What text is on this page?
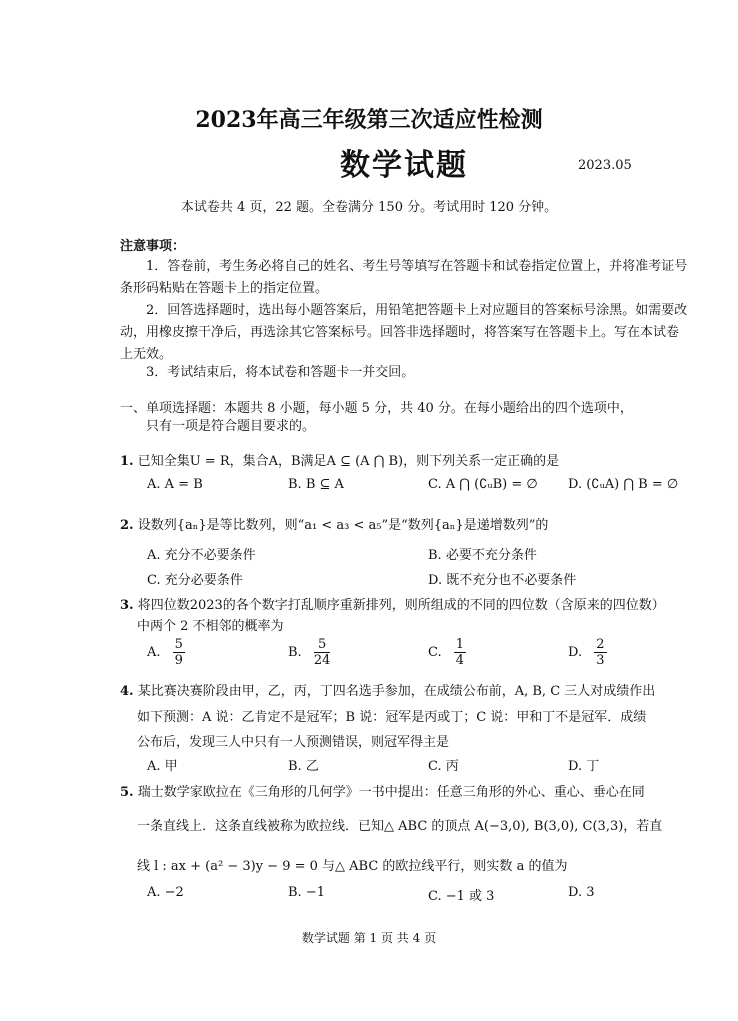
2023年高三年级第三次适应性检测
数学试题	2023.05
本试卷共 4 页，22 题。全卷满分 150 分。考试用时 120 分钟。
注意事项：
1．答卷前，考生务必将自己的姓名、考生号等填写在答题卡和试卷指定位置上，并将准考证号条形码粘贴在答题卡上的指定位置。
2．回答选择题时，选出每小题答案后，用铅笔把答题卡上对应题目的答案标号涂黑。如需要改动，用橡皮擦干净后，再选涂其它答案标号。回答非选择题时，将答案写在答题卡上。写在本试卷上无效。
3．考试结束后，将本试卷和答题卡一并交回。
一、单项选择题：本题共 8 小题，每小题 5 分，共 40 分。在每小题给出的四个选项中，
只有一项是符合题目要求的。
1. 已知全集U = R，集合A，B满足A ⊆ (A ⋂ B)，则下列关系一定正确的是
A. A = B	B. B ⊆ A	C. A ⋂ (∁ᵤB) = ∅ D. (∁ᵤA) ⋂ B = ∅
2. 设数列{aₙ}是等比数列，则“a₁ < a₃ < a₅”是“数列{aₙ}是递增数列”的
A. 充分不必要条件	B. 必要不充分条件
C. 充分必要条件	D. 既不充分也不必要条件
3. 将四位数2023的各个数字打乱顺序重新排列，则所组成的不同的四位数（含原来的四位数）
中两个 2 不相邻的概率为
A. $\frac{5}{9}$	B. $\frac{5}{24}$	C. $\frac{1}{4}$	D. $\frac{2}{3}$
4. 某比赛决赛阶段由甲，乙，丙，丁四名选手参加，在成绩公布前，A, B, C 三人对成绩作出
如下预测：A 说：乙肯定不是冠军；B 说：冠军是丙或丁；C 说：甲和丁不是冠军．成绩
公布后，发现三人中只有一人预测错误，则冠军得主是
A. 甲	B. 乙	C. 丙	D. 丁
5. 瑞士数学家欧拉在《三角形的几何学》一书中提出：任意三角形的外心、重心、垂心在同
一条直线上．这条直线被称为欧拉线．已知△ ABC 的顶点 A(−3,0), B(3,0), C(3,3)，若直
线 l : ax + (a² − 3)y − 9 = 0 与△ ABC 的欧拉线平行，则实数 a 的值为
A. −2	B. −1	C. −1 或 3	D. 3
数学试题 第 1 页 共 4 页
